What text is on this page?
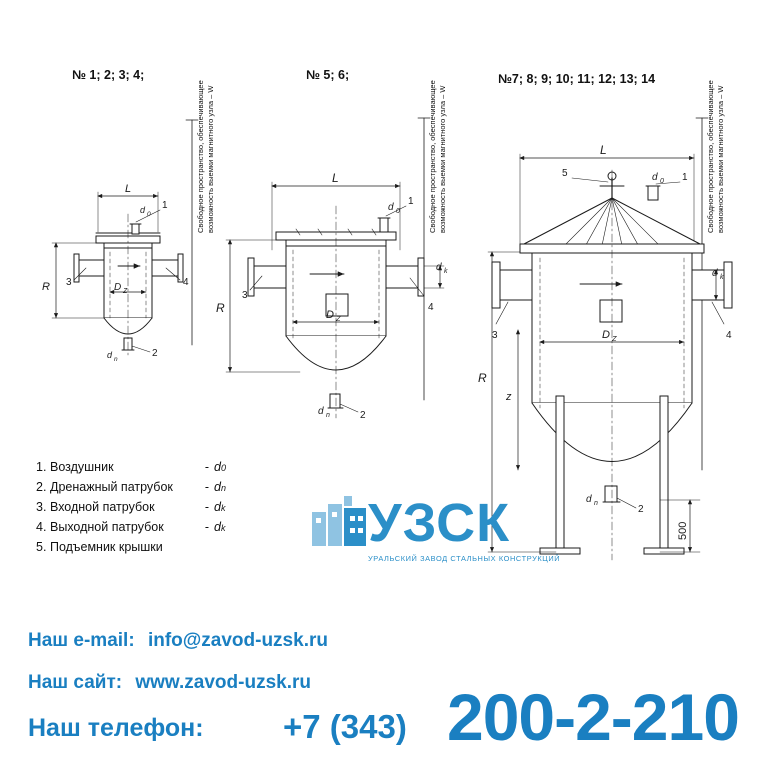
№ 1; 2; 3; 4;	№ 5; 6;	№7; 8; 9; 10; 11; 12; 13; 14
Свободное пространство, обеспечивающее возможность выемки магнитного узла – W	Свободное пространство, обеспечивающее возможность выемки магнитного узла – W	Свободное пространство, обеспечивающее возможность выемки магнитного узла – W
L
R	D Z
d 0
d n
1
2
3	4
L
R	D Z
d 0
d n
d k
1
2
3
4
L
R
z
D Z
d 0
d n
d k
1
2
3	4
5
500
1. Воздушник	- d 0
2. Дренажный патрубок	- d n
3. Входной патрубок	- d k
4. Выходной патрубок	- d k
5. Подъемник крышки	УЗСК
УРАЛЬСКИЙ ЗАВОД СТАЛЬНЫХ КОНСТРУКЦИЙ
Наш e-mail: info@zavod-uzsk.ru
Наш сайт: www.zavod-uzsk.ru
Наш телефон: +7 (343) 200-2-210
